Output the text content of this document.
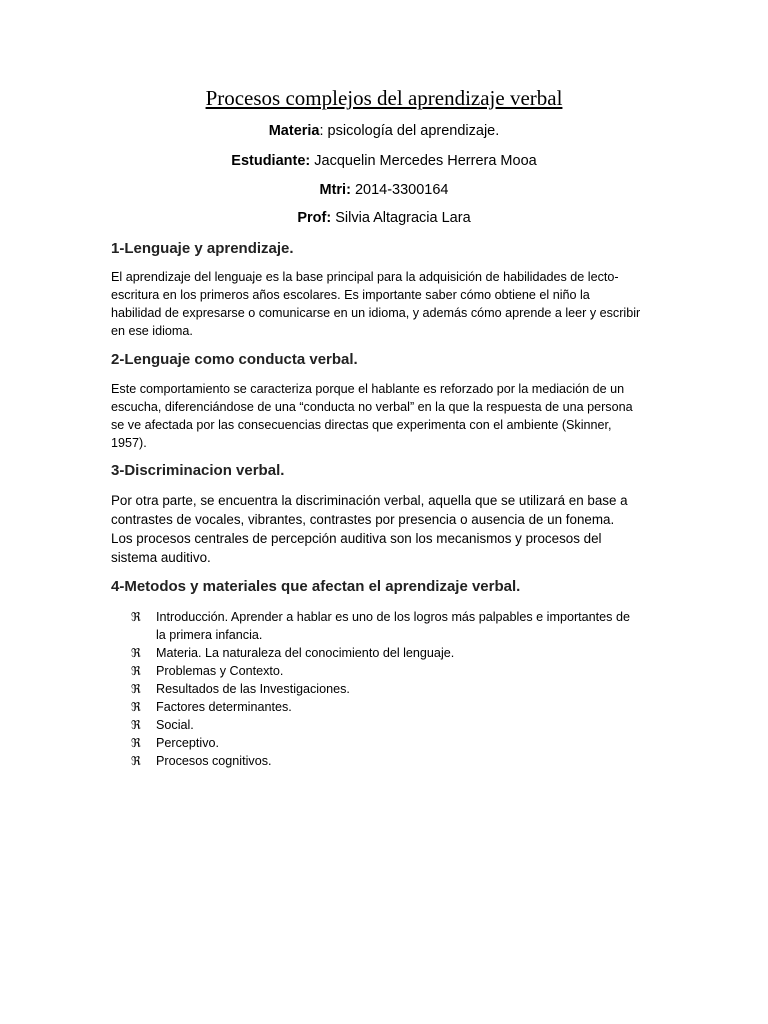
Procesos complejos del aprendizaje verbal
Materia: psicología del aprendizaje.
Estudiante: Jacquelin Mercedes Herrera Mooa
Mtri: 2014-3300164
Prof: Silvia Altagracia Lara
1-Lenguaje y aprendizaje.
El aprendizaje del lenguaje es la base principal para la adquisición de habilidades de lecto-
escritura en los primeros años escolares. Es importante saber cómo obtiene el niño la
habilidad de expresarse o comunicarse en un idioma, y además cómo aprende a leer y escribir
en ese idioma.
2-Lenguaje como conducta verbal.
Este comportamiento se caracteriza porque el hablante es reforzado por la mediación de un
escucha, diferenciándose de una “conducta no verbal” en la que la respuesta de una persona
se ve afectada por las consecuencias directas que experimenta con el ambiente (Skinner,
1957).
3-Discriminacion verbal.
Por otra parte, se encuentra la discriminación verbal, aquella que se utilizará en base a
contrastes de vocales, vibrantes, contrastes por presencia o ausencia de un fonema.
Los procesos centrales de percepción auditiva son los mecanismos y procesos del
sistema auditivo.
4-Metodos y materiales que afectan el aprendizaje verbal.
ℜ Introducción. Aprender a hablar es uno de los logros más palpables e importantes de
la primera infancia.
ℜ Materia. La naturaleza del conocimiento del lenguaje.
ℜ Problemas y Contexto.
ℜ Resultados de las Investigaciones.
ℜ Factores determinantes.
ℜ Social.
ℜ Perceptivo.
ℜ Procesos cognitivos.
